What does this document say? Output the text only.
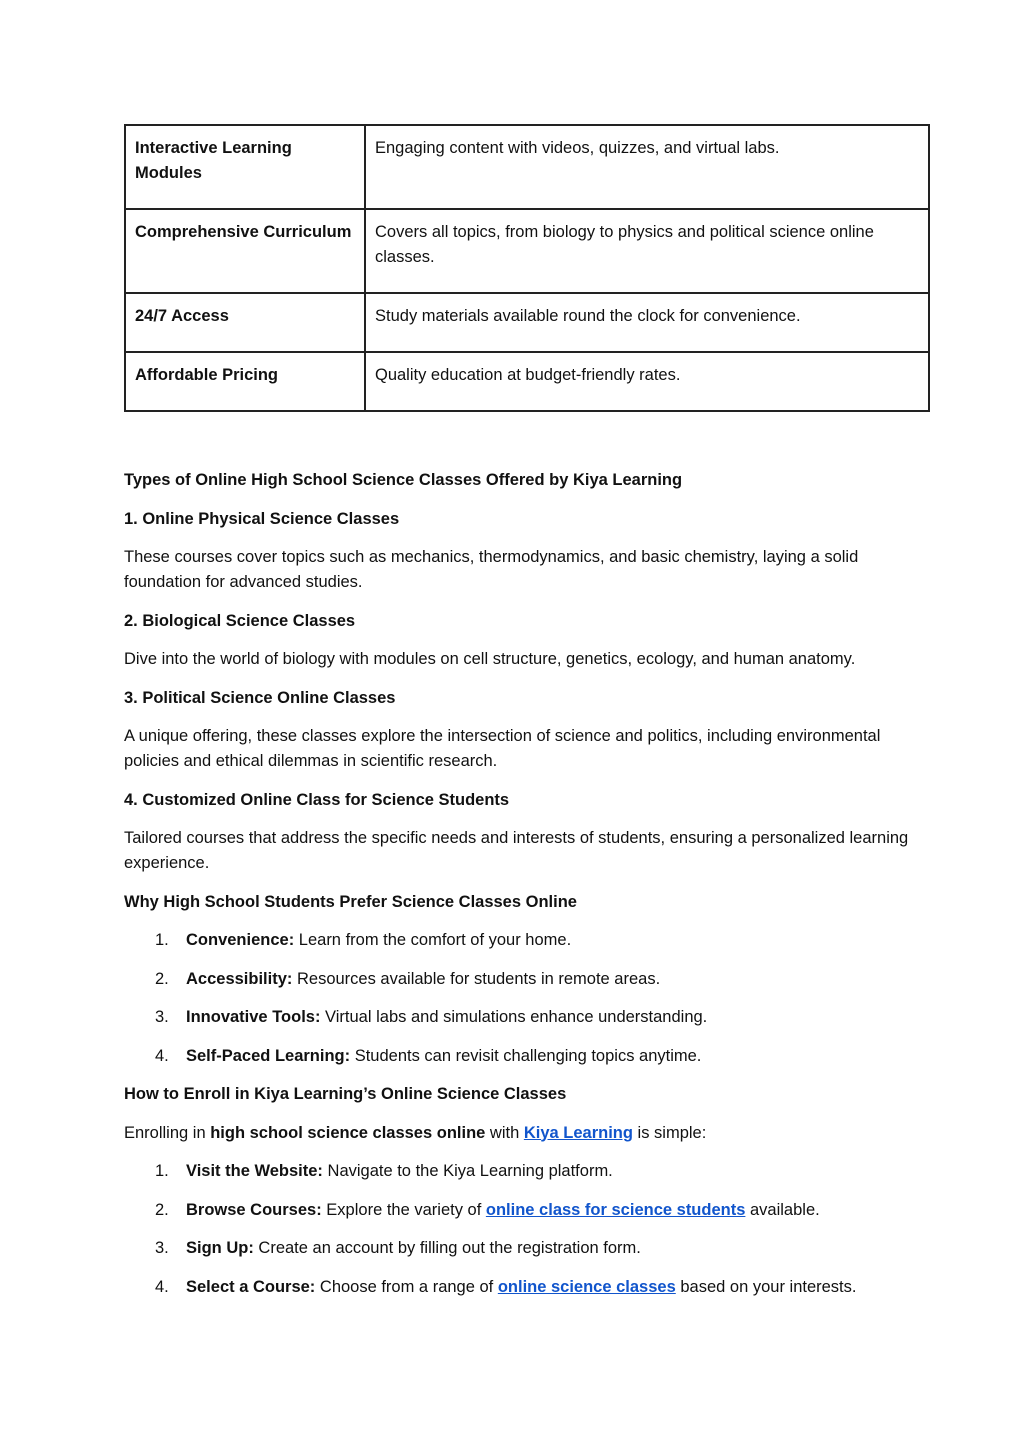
Interactive Learning Modules	Engaging content with videos, quizzes, and virtual labs.
Comprehensive Curriculum	Covers all topics, from biology to physics and political science online classes.
24/7 Access	Study materials available round the clock for convenience.
Affordable Pricing	Quality education at budget-friendly rates.

Types of Online High School Science Classes Offered by Kiya Learning

1. Online Physical Science Classes

These courses cover topics such as mechanics, thermodynamics, and basic chemistry, laying a solid foundation for advanced studies.

2. Biological Science Classes

Dive into the world of biology with modules on cell structure, genetics, ecology, and human anatomy.

3. Political Science Online Classes

A unique offering, these classes explore the intersection of science and politics, including environmental policies and ethical dilemmas in scientific research.

4. Customized Online Class for Science Students

Tailored courses that address the specific needs and interests of students, ensuring a personalized learning experience.

Why High School Students Prefer Science Classes Online

1. Convenience: Learn from the comfort of your home.
2. Accessibility: Resources available for students in remote areas.
3. Innovative Tools: Virtual labs and simulations enhance understanding.
4. Self-Paced Learning: Students can revisit challenging topics anytime.

How to Enroll in Kiya Learning’s Online Science Classes

Enrolling in high school science classes online with Kiya Learning is simple:

1. Visit the Website: Navigate to the Kiya Learning platform.
2. Browse Courses: Explore the variety of online class for science students available.
3. Sign Up: Create an account by filling out the registration form.
4. Select a Course: Choose from a range of online science classes based on your interests.
